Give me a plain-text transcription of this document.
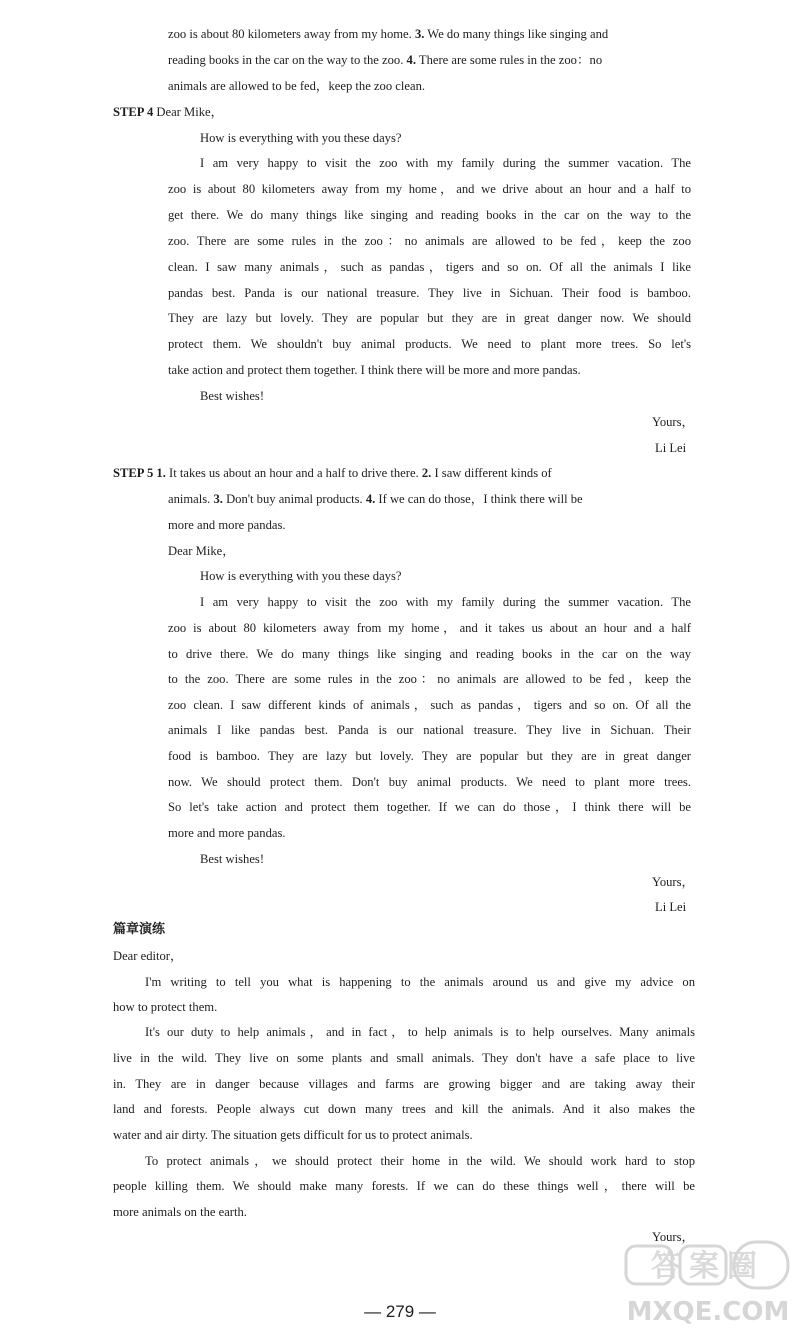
zoo is about 80 kilometers away from my home. 3. We do many things like singing and
reading books in the car on the way to the zoo. 4. There are some rules in the zoo：no
animals are allowed to be fed，keep the zoo clean.
STEP 4 Dear Mike，
How is everything with you these days?
I am very happy to visit the zoo with my family during the summer vacation. The
zoo is about 80 kilometers away from my home，and we drive about an hour and a half to
get there. We do many things like singing and reading books in the car on the way to the
zoo. There are some rules in the zoo：no animals are allowed to be fed，keep the zoo
clean. I saw many animals，such as pandas，tigers and so on. Of all the animals I like
pandas best. Panda is our national treasure. They live in Sichuan. Their food is bamboo.
They are lazy but lovely. They are popular but they are in great danger now. We should
protect them. We shouldn't buy animal products. We need to plant more trees. So let's
take action and protect them together. I think there will be more and more pandas.
Best wishes!
Yours，
Li Lei
STEP 5 1. It takes us about an hour and a half to drive there. 2. I saw different kinds of
animals. 3. Don't buy animal products. 4. If we can do those，I think there will be
more and more pandas.
Dear Mike，
How is everything with you these days?
I am very happy to visit the zoo with my family during the summer vacation. The
zoo is about 80 kilometers away from my home，and it takes us about an hour and a half
to drive there. We do many things like singing and reading books in the car on the way
to the zoo. There are some rules in the zoo：no animals are allowed to be fed，keep the
zoo clean. I saw different kinds of animals，such as pandas，tigers and so on. Of all the
animals I like pandas best. Panda is our national treasure. They live in Sichuan. Their
food is bamboo. They are lazy but lovely. They are popular but they are in great danger
now. We should protect them. Don't buy animal products. We need to plant more trees.
So let's take action and protect them together. If we can do those，I think there will be
more and more pandas.
Best wishes!
Yours，
Li Lei
篇章演练
Dear editor，
I'm writing to tell you what is happening to the animals around us and give my advice on
how to protect them.
It's our duty to help animals，and in fact，to help animals is to help ourselves. Many animals
live in the wild. They live on some plants and small animals. They don't have a safe place to live
in. They are in danger because villages and farms are growing bigger and are taking away their
land and forests. People always cut down many trees and kill the animals. And it also makes the
water and air dirty. The situation gets difficult for us to protect animals.
To protect animals，we should protect their home in the wild. We should work hard to stop
people killing them. We should make many forests. If we can do these things well，there will be
more animals on the earth.
Yours，
— 279 —
答案圈
MXQE.COM
